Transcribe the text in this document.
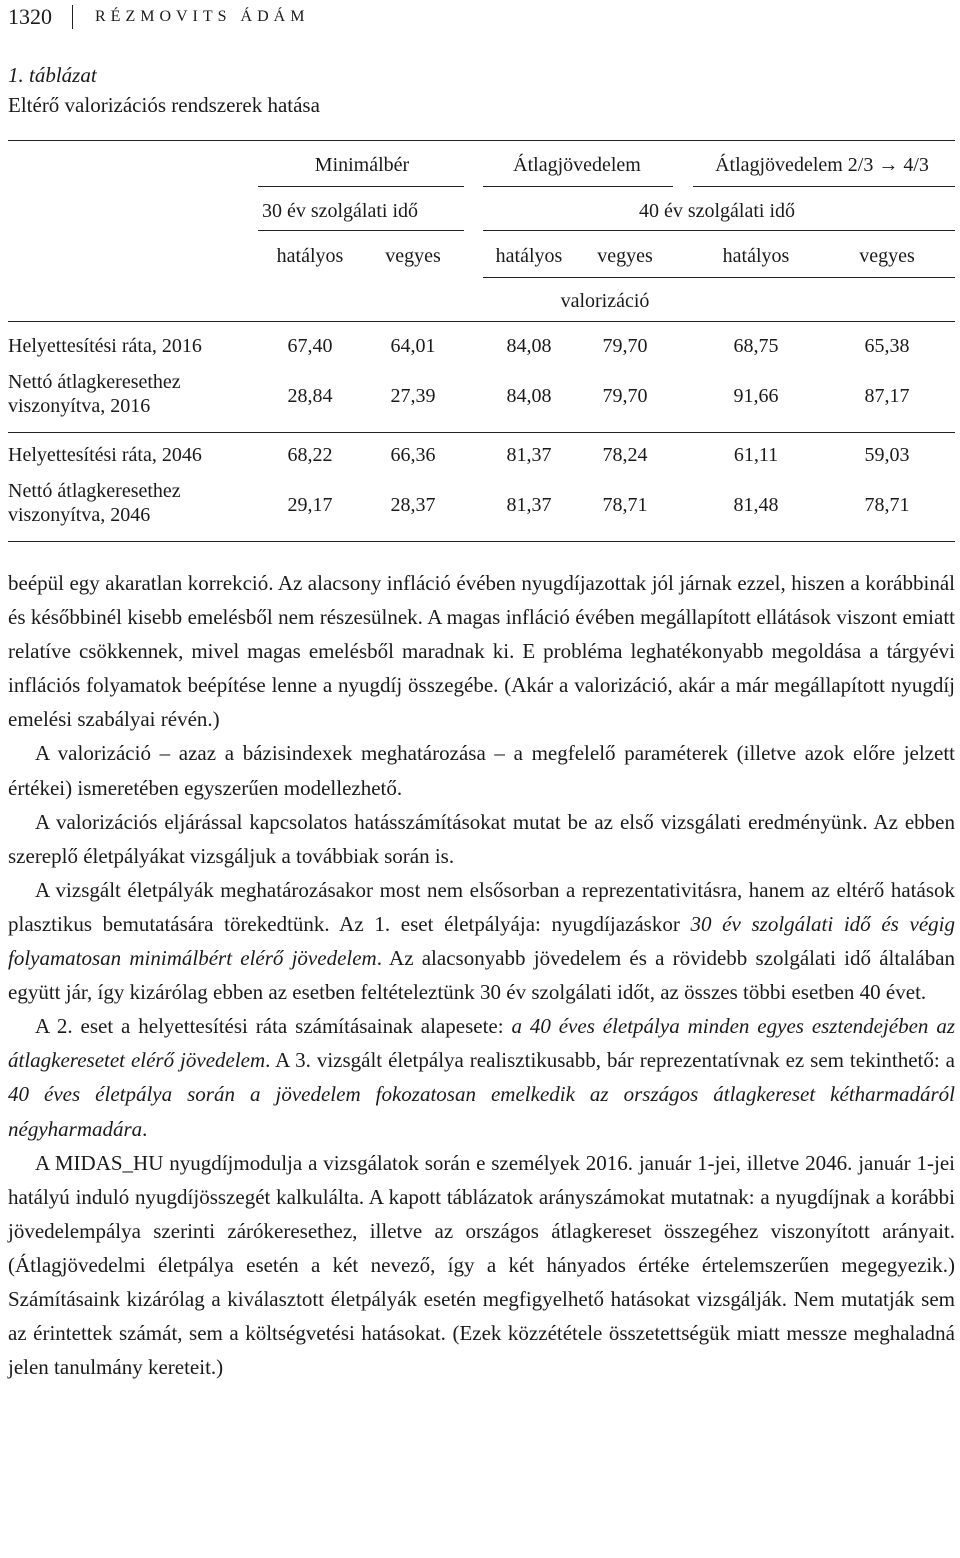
1320	RÉZMOVITS ÁDÁM
1. táblázat
Eltérő valorizációs rendszerek hatása
Minimálbér	Átlagjövedelem	Átlagjövedelem 2/3 → 4/3
30 év szolgálati idő	40 év szolgálati idő
hatályos vegyes	hatályos vegyes	hatályos	vegyes
valorizáció
Helyettesítési ráta, 2016	67,40	64,01	84,08	79,70	68,75	65,38
Nettó átlagkeresethez viszonyítva, 2016	28,84	27,39	84,08	79,70	91,66	87,17
Helyettesítési ráta, 2046	68,22	66,36	81,37	78,24	61,11	59,03
Nettó átlagkeresethez viszonyítva, 2046	29,17	28,37	81,37	78,71	81,48	78,71

beépül egy akaratlan korrekció. Az alacsony infláció évében nyugdíjazottak jól járnak ezzel, hiszen a korábbinál és későbbinél kisebb emelésből nem részesülnek. A magas infláció évében megállapított ellátások viszont emiatt relatíve csökkennek, mivel magas emelésből maradnak ki. E probléma leghatékonyabb megoldása a tárgyévi inflációs folyamatok beépítése lenne a nyugdíj összegébe. (Akár a valorizáció, akár a már megállapított nyugdíj emelési szabályai révén.)

A valorizáció – azaz a bázisindexek meghatározása – a megfelelő paraméterek (illetve azok előre jelzett értékei) ismeretében egyszerűen modellezhető.

A valorizációs eljárással kapcsolatos hatásszámításokat mutat be az első vizsgálati eredményünk. Az ebben szereplő életpályákat vizsgáljuk a továbbiak során is.

A vizsgált életpályák meghatározásakor most nem elsősorban a reprezentativitásra, hanem az eltérő hatások plasztikus bemutatására törekedtünk. Az 1. eset életpályája: nyugdíjazáskor 30 év szolgálati idő és végig folyamatosan minimálbért elérő jövedelem. Az alacsonyabb jövedelem és a rövidebb szolgálati idő általában együtt jár, így kizárólag ebben az esetben feltételeztünk 30 év szolgálati időt, az összes többi esetben 40 évet.

A 2. eset a helyettesítési ráta számításainak alapesete: a 40 éves életpálya minden egyes esztendejében az átlagkeresetet elérő jövedelem. A 3. vizsgált életpálya realisztikusabb, bár reprezentatívnak ez sem tekinthető: a 40 éves életpálya során a jövedelem fokozatosan emelkedik az országos átlagkereset kétharmadáról négyharmadára.

A MIDAS_HU nyugdíjmodulja a vizsgálatok során e személyek 2016. január 1-jei, illetve 2046. január 1-jei hatályú induló nyugdíjösszegét kalkulálta. A kapott táblázatok arányszámokat mutatnak: a nyugdíjnak a korábbi jövedelempálya szerinti zárókeresethez, illetve az országos átlagkereset összegéhez viszonyított arányait. (Átlagjövedelmi életpálya esetén a két nevező, így a két hányados értéke értelemszerűen megegyezik.) Számításaink kizárólag a kiválasztott életpályák esetén megfigyelhető hatásokat vizsgálják. Nem mutatják sem az érintettek számát, sem a költségvetési hatásokat. (Ezek közzététele összetettségük miatt messze meghaladná jelen tanulmány kereteit.)
